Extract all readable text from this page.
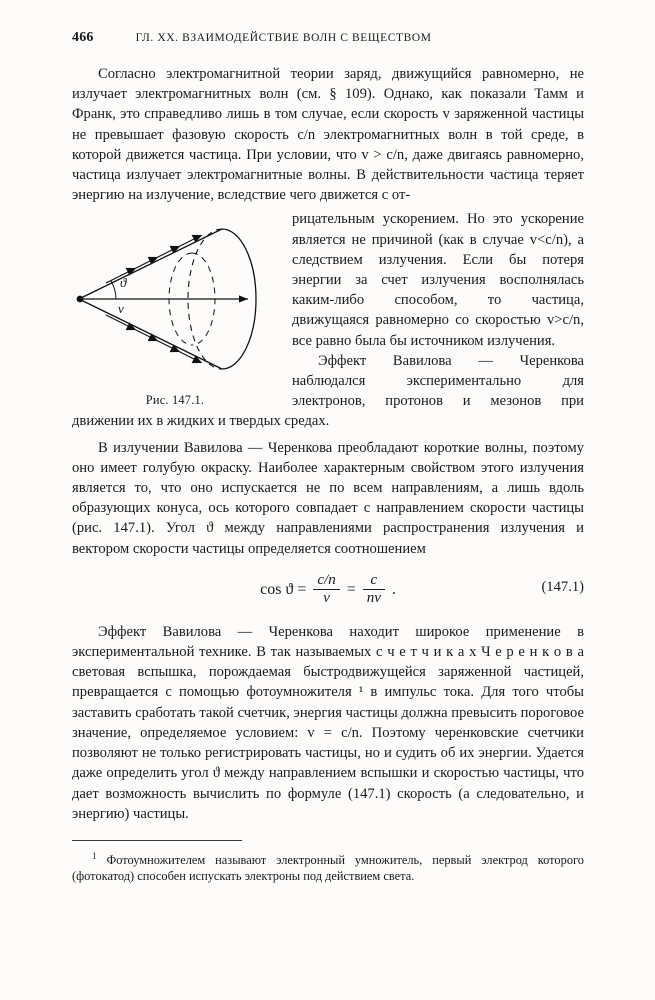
466	ГЛ. XX. ВЗАИМОДЕЙСТВИЕ ВОЛН С ВЕЩЕСТВОМ

Согласно электромагнитной теории заряд, движущийся равномерно, не излучает электромагнитных волн (см. § 109). Однако, как показали Тамм и Франк, это справедливо лишь в том случае, если скорость v заряженной частицы не превышает фазовую скорость c/n электромагнитных волн в той среде, в которой движется частица. При условии, что v > c/n, даже двигаясь равномерно, частица излучает электромагнитные волны. В действительности частица теряет энергию на излучение, вследствие чего движется с от-

ϑ
v
Рис. 147.1.
рицательным ускорением. Но это ускорение является не причиной (как в случае v<c/n), а следствием излучения. Если бы потеря энергии за счет излучения восполнялась каким-либо способом, то частица, движущаяся равномерно со скоростью v>c/n, все равно была бы источником излучения.
Эффект Вавилова — Черенкова наблюдался экспериментально для электронов, протонов и мезонов при движении их в жидких и твердых средах.

В излучении Вавилова — Черенкова преобладают короткие волны, поэтому оно имеет голубую окраску. Наиболее характерным свойством этого излучения является то, что оно испускается не по всем направлениям, а лишь вдоль образующих конуса, ось которого совпадает с направлением скорости частицы (рис. 147.1). Угол ϑ между направлениями распространения излучения и вектором скорости частицы определяется соотношением

$\cos ϑ = \frac{c/n}{v} = \frac{c}{nv}$ .	(147.1)

Эффект Вавилова — Черенкова находит широкое применение в экспериментальной технике. В так называемых с ч е т ч и к а х Ч е р е н к о в а световая вспышка, порождаемая быстродвижущейся заряженной частицей, превращается с помощью фотоумножителя ¹ в импульс тока. Для того чтобы заставить сработать такой счетчик, энергия частицы должна превысить пороговое значение, определяемое условием: v = c/n. Поэтому черенковские счетчики позволяют не только регистрировать частицы, но и судить об их энергии. Удается даже определить угол ϑ между направлением вспышки и скоростью частицы, что дает возможность вычислить по формуле (147.1) скорость (а следовательно, и энергию) частицы.

$^1$ Фотоумножителем называют электронный умножитель, первый электрод которого (фотокатод) способен испускать электроны под действием света.
